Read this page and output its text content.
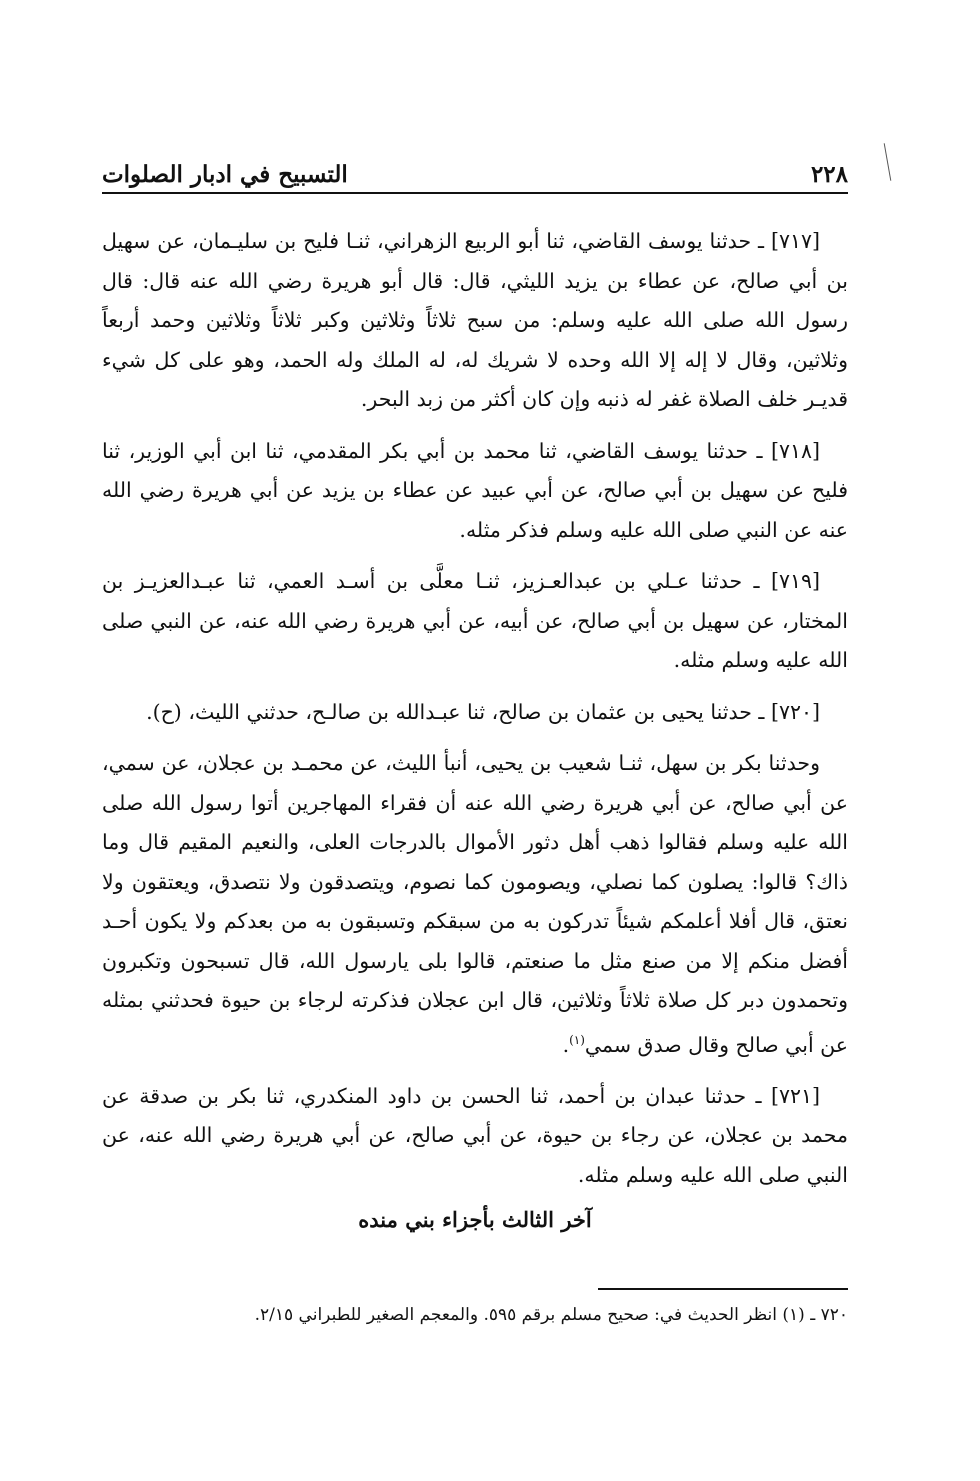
٢٢٨
التسبيح في ادبار الصلوات

[٧١٧] ـ حدثنا يوسف القاضي، ثنا أبو الربيع الزهراني، ثنـا فليح بن سليـمان، عن سهيل بن أبي صالح، عن عطاء بن يزيد الليثي، قال: قال أبو هريرة رضي الله عنه قال: قال رسول الله صلى الله عليه وسلم: من سبح ثلاثاً وثلاثين وكبر ثلاثاً وثلاثين وحمد أربعاً وثلاثين، وقال لا إله إلا الله وحده لا شريك له، له الملك وله الحمد، وهو على كل شيء قديـر خلف الصلاة غفر له ذنبه وإن كان أكثر من زبد البحر.

[٧١٨] ـ حدثنا يوسف القاضي، ثنا محمد بن أبي بكر المقدمي، ثنا ابن أبي الوزير، ثنا فليح عن سهيل بن أبي صالح، عن أبي عبيد عن عطاء بن يزيد عن أبي هريرة رضي الله عنه عن النبي صلى الله عليه وسلم فذكر مثله.

[٧١٩] ـ حدثنا عـلي بن عبدالعـزيز، ثنـا معلَّى بن أسـد العمي، ثنا عبـدالعزيـز بن المختار، عن سهيل بن أبي صالح، عن أبيه، عن أبي هريرة رضي الله عنه، عن النبي صلى الله عليه وسلم مثله.

[٧٢٠] ـ حدثنا يحيى بن عثمان بن صالح، ثنا عبـدالله بن صالـح، حدثني الليث، (ح).

وحدثنا بكر بن سهل، ثنـا شعيب بن يحيى، أنبأ الليث، عن محمـد بن عجلان، عن سمي، عن أبي صالح، عن أبي هريرة رضي الله عنه أن فقراء المهاجرين أتوا رسول الله صلى الله عليه وسلم فقالوا ذهب أهل دثور الأموال بالدرجات العلى، والنعيم المقيم قال وما ذاك؟ قالوا: يصلون كما نصلي، ويصومون كما نصوم، ويتصدقون ولا نتصدق، ويعتقون ولا نعتق، قال أفلا أعلمكم شيئاً تدركون به من سبقكم وتسبقون به من بعدكم ولا يكون أحـد أفضل منكم إلا من صنع مثل ما صنعتم، قالوا بلى يارسول الله، قال تسبحون وتكبرون وتحمدون دبر كل صلاة ثلاثاً وثلاثين، قال ابن عجلان فذكرته لرجاء بن حيوة فحدثني بمثله عن أبي صالح وقال صدق سمي$^{(١)}$.

[٧٢١] ـ حدثنا عبدان بن أحمد، ثنا الحسن بن داود المنكدري، ثنا بكر بن صدقة عن محمد بن عجلان، عن رجاء بن حيوة، عن أبي صالح، عن أبي هريرة رضي الله عنه، عن النبي صلى الله عليه وسلم مثله.

آخر الثالث بأجزاء بني منده

٧٢٠ ـ (١) انظر الحديث في: صحيح مسلم برقم ٥٩٥. والمعجم الصغير للطبراني ٢/١٥.
